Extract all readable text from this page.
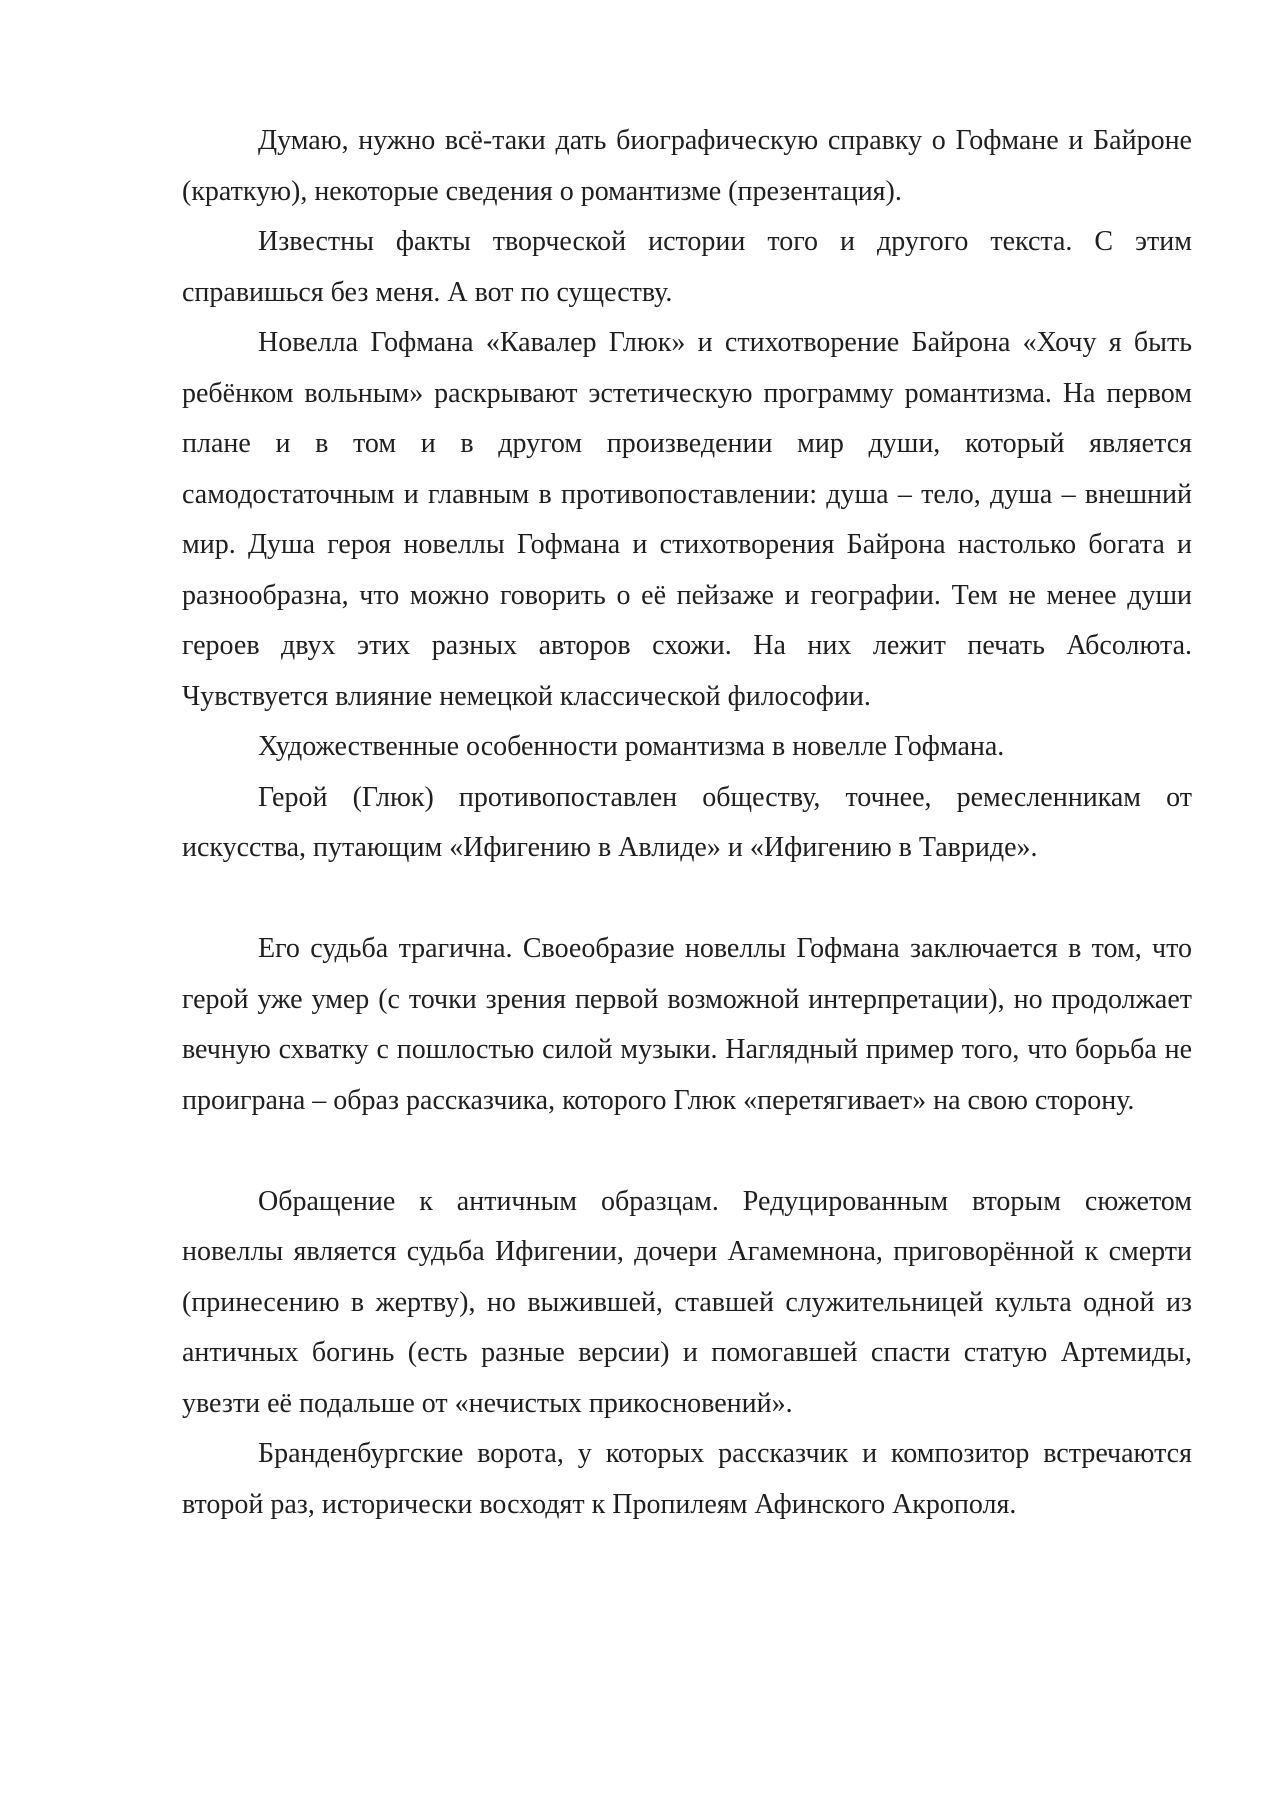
Думаю, нужно всё-таки дать биографическую справку о Гофмане и Байроне (краткую), некоторые сведения о романтизме (презентация).

Известны факты творческой истории того и другого текста. С этим справишься без меня. А вот по существу.

Новелла Гофмана «Кавалер Глюк» и стихотворение Байрона «Хочу я быть ребёнком вольным» раскрывают эстетическую программу романтизма. На первом плане и в том и в другом произведении мир души, который является самодостаточным и главным в противопоставлении: душа – тело, душа – внешний мир. Душа героя новеллы Гофмана и стихотворения Байрона настолько богата и разнообразна, что можно говорить о её пейзаже и географии. Тем не менее души героев двух этих разных авторов схожи. На них лежит печать Абсолюта. Чувствуется влияние немецкой классической философии.

Художественные особенности романтизма в новелле Гофмана.

Герой (Глюк) противопоставлен обществу, точнее, ремесленникам от искусства, путающим «Ифигению в Авлиде» и «Ифигению в Тавриде».

Его судьба трагична. Своеобразие новеллы Гофмана заключается в том, что герой уже умер (с точки зрения первой возможной интерпретации), но продолжает вечную схватку с пошлостью силой музыки. Наглядный пример того, что борьба не проиграна – образ рассказчика, которого Глюк «перетягивает» на свою сторону.

Обращение к античным образцам. Редуцированным вторым сюжетом новеллы является судьба Ифигении, дочери Агамемнона, приговорённой к смерти (принесению в жертву), но выжившей, ставшей служительницей культа одной из античных богинь (есть разные версии) и помогавшей спасти статую Артемиды, увезти её подальше от «нечистых прикосновений».

Бранденбургские ворота, у которых рассказчик и композитор встречаются второй раз, исторически восходят к Пропилеям Афинского Акрополя.
